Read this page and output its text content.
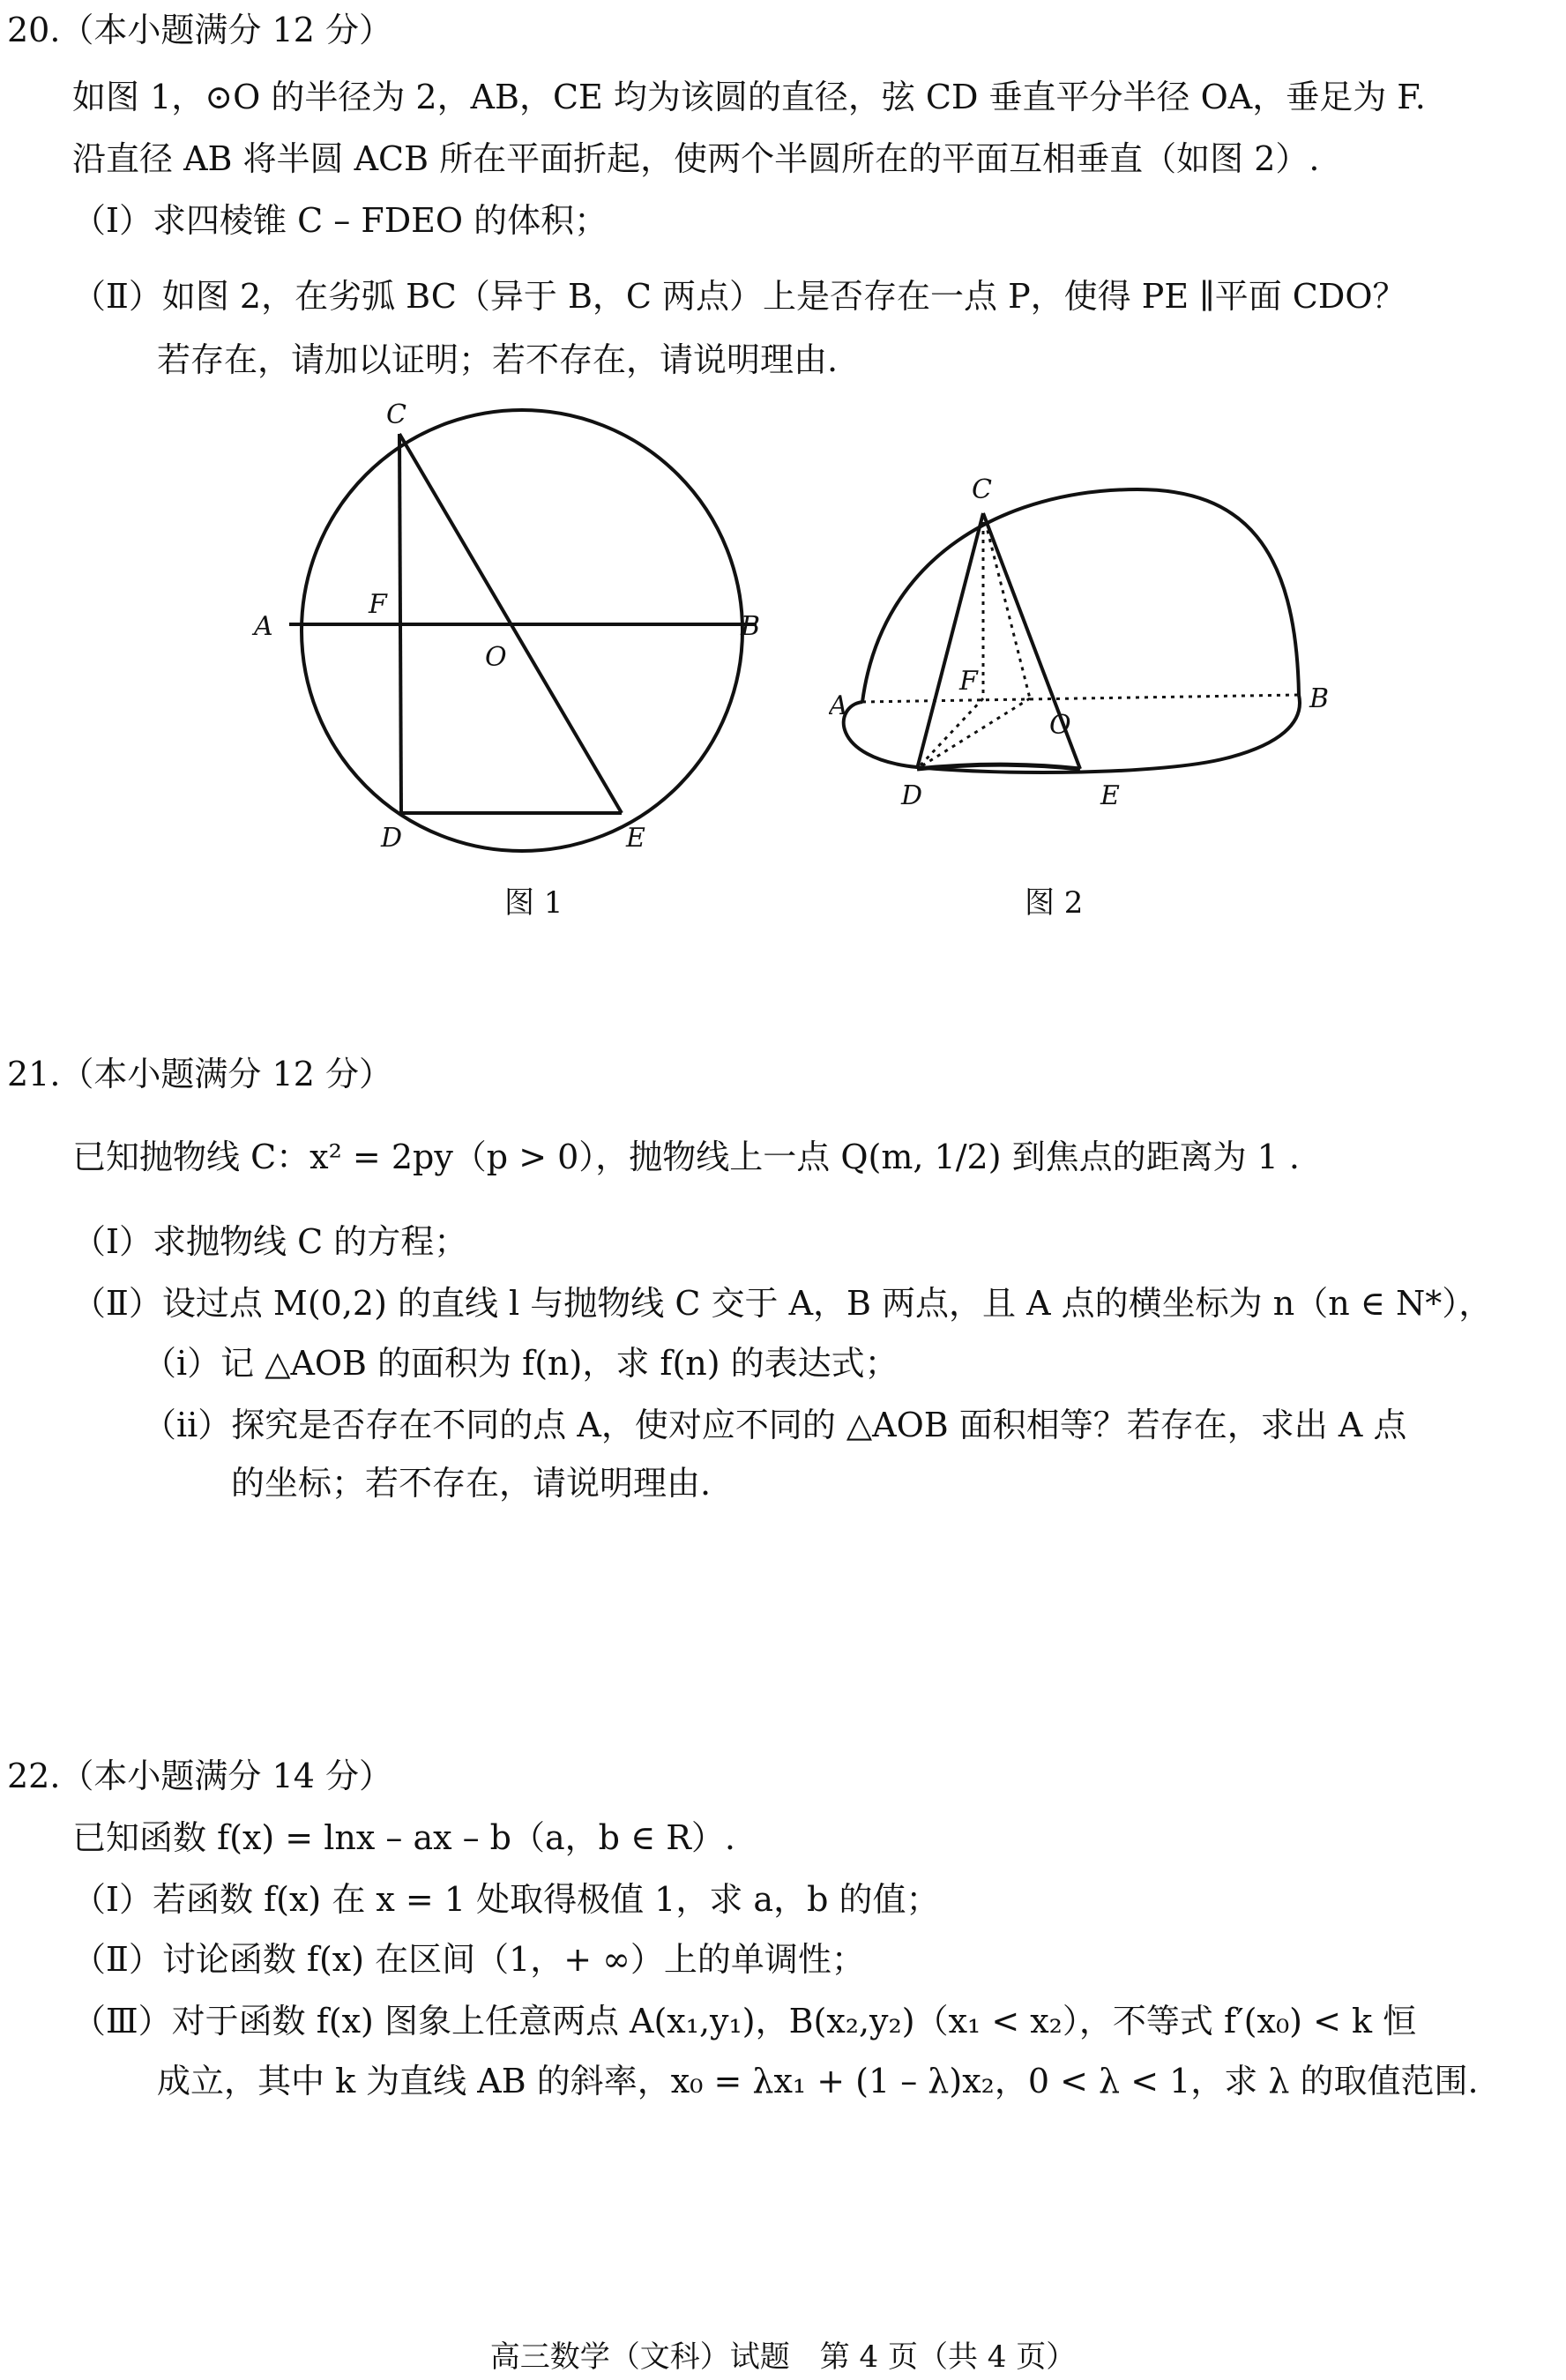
20.（本小题满分 12 分）
如图 1，⊙O 的半径为 2，AB，CE 均为该圆的直径，弦 CD 垂直平分半径 OA，垂足为 F.
沿直径 AB 将半圆 ACB 所在平面折起，使两个半圆所在的平面互相垂直（如图 2）.
（Ⅰ）求四棱锥 C – FDEO 的体积；
（Ⅱ）如图 2，在劣弧 BC（异于 B，C 两点）上是否存在一点 P，使得 PE ∥平面 CDO？
若存在，请加以证明；若不存在，请说明理由.
C
A
F
O
B
D	E
图 1
C
A
F
O
B
D	E
图 2
21.（本小题满分 12 分）
已知抛物线 C：x² = 2py（p > 0），抛物线上一点 Q(m, 1/2) 到焦点的距离为 1 .
（Ⅰ）求抛物线 C 的方程；
（Ⅱ）设过点 M(0,2) 的直线 l 与抛物线 C 交于 A，B 两点，且 A 点的横坐标为 n（n ∈ N*），
（ⅰ）记 △AOB 的面积为 f(n)，求 f(n) 的表达式；
（ⅱ）探究是否存在不同的点 A，使对应不同的 △AOB 面积相等？若存在，求出 A 点
的坐标；若不存在，请说明理由.
22.（本小题满分 14 分）
已知函数 f(x) = lnx – ax – b（a，b ∈ R）.
（Ⅰ）若函数 f(x) 在 x = 1 处取得极值 1，求 a，b 的值；
（Ⅱ）讨论函数 f(x) 在区间（1，+ ∞）上的单调性；
（Ⅲ）对于函数 f(x) 图象上任意两点 A(x₁,y₁)，B(x₂,y₂)（x₁ < x₂），不等式 f′(x₀) < k 恒
成立，其中 k 为直线 AB 的斜率，x₀ = λx₁ + (1 – λ)x₂，0 < λ < 1，求 λ 的取值范围.
高三数学（文科）试题　第 4 页（共 4 页）
